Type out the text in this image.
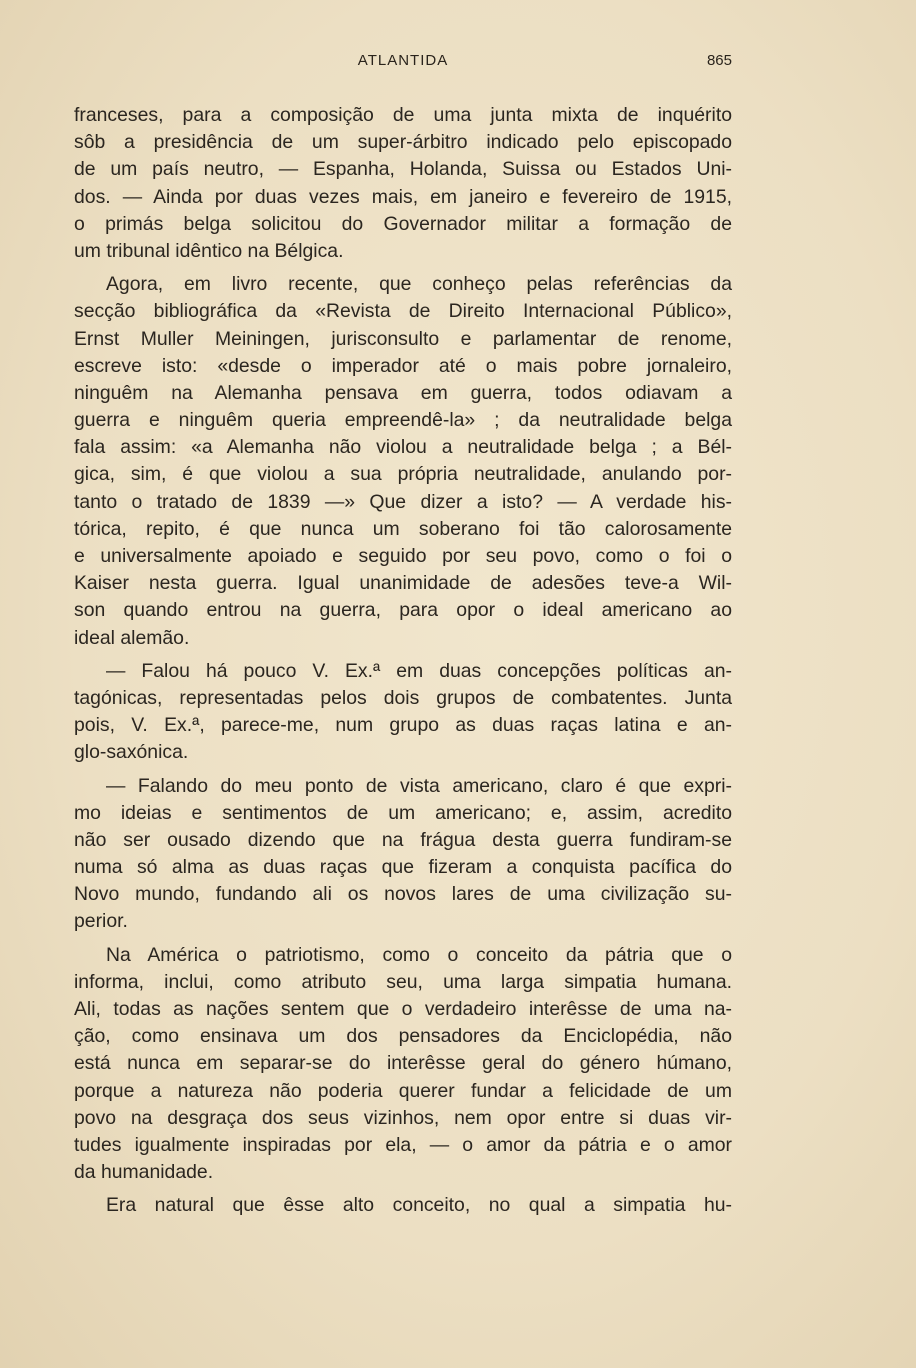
ATLANTIDA	865
franceses, para a composição de uma junta mixta de inquérito
sôb a presidência de um super-árbitro indicado pelo episcopado
de um país neutro, — Espanha, Holanda, Suissa ou Estados Uni-
dos. — Ainda por duas vezes mais, em janeiro e fevereiro de 1915,
o primás belga solicitou do Governador militar a formação de
um tribunal idêntico na Bélgica.
Agora, em livro recente, que conheço pelas referências da
secção bibliográfica da «Revista de Direito Internacional Público»,
Ernst Muller Meiningen, jurisconsulto e parlamentar de renome,
escreve isto: «desde o imperador até o mais pobre jornaleiro,
ninguêm na Alemanha pensava em guerra, todos odiavam a
guerra e ninguêm queria empreendê-la» ; da neutralidade belga
fala assim: «a Alemanha não violou a neutralidade belga ; a Bél-
gica, sim, é que violou a sua própria neutralidade, anulando por-
tanto o tratado de 1839 —» Que dizer a isto? — A verdade his-
tórica, repito, é que nunca um soberano foi tão calorosamente
e universalmente apoiado e seguido por seu povo, como o foi o
Kaiser nesta guerra. Igual unanimidade de adesões teve-a Wil-
son quando entrou na guerra, para opor o ideal americano ao
ideal alemão.
— Falou há pouco V. Ex.ª em duas concepções políticas an-
tagónicas, representadas pelos dois grupos de combatentes. Junta
pois, V. Ex.ª, parece-me, num grupo as duas raças latina e an-
glo-saxónica.
— Falando do meu ponto de vista americano, claro é que expri-
mo ideias e sentimentos de um americano; e, assim, acredito
não ser ousado dizendo que na frágua desta guerra fundiram-se
numa só alma as duas raças que fizeram a conquista pacífica do
Novo mundo, fundando ali os novos lares de uma civilização su-
perior.
Na América o patriotismo, como o conceito da pátria que o
informa, inclui, como atributo seu, uma larga simpatia humana.
Ali, todas as nações sentem que o verdadeiro interêsse de uma na-
ção, como ensinava um dos pensadores da Enciclopédia, não
está nunca em separar-se do interêsse geral do género húmano,
porque a natureza não poderia querer fundar a felicidade de um
povo na desgraça dos seus vizinhos, nem opor entre si duas vir-
tudes igualmente inspiradas por ela, — o amor da pátria e o amor
da humanidade.
Era natural que êsse alto conceito, no qual a simpatia hu-
